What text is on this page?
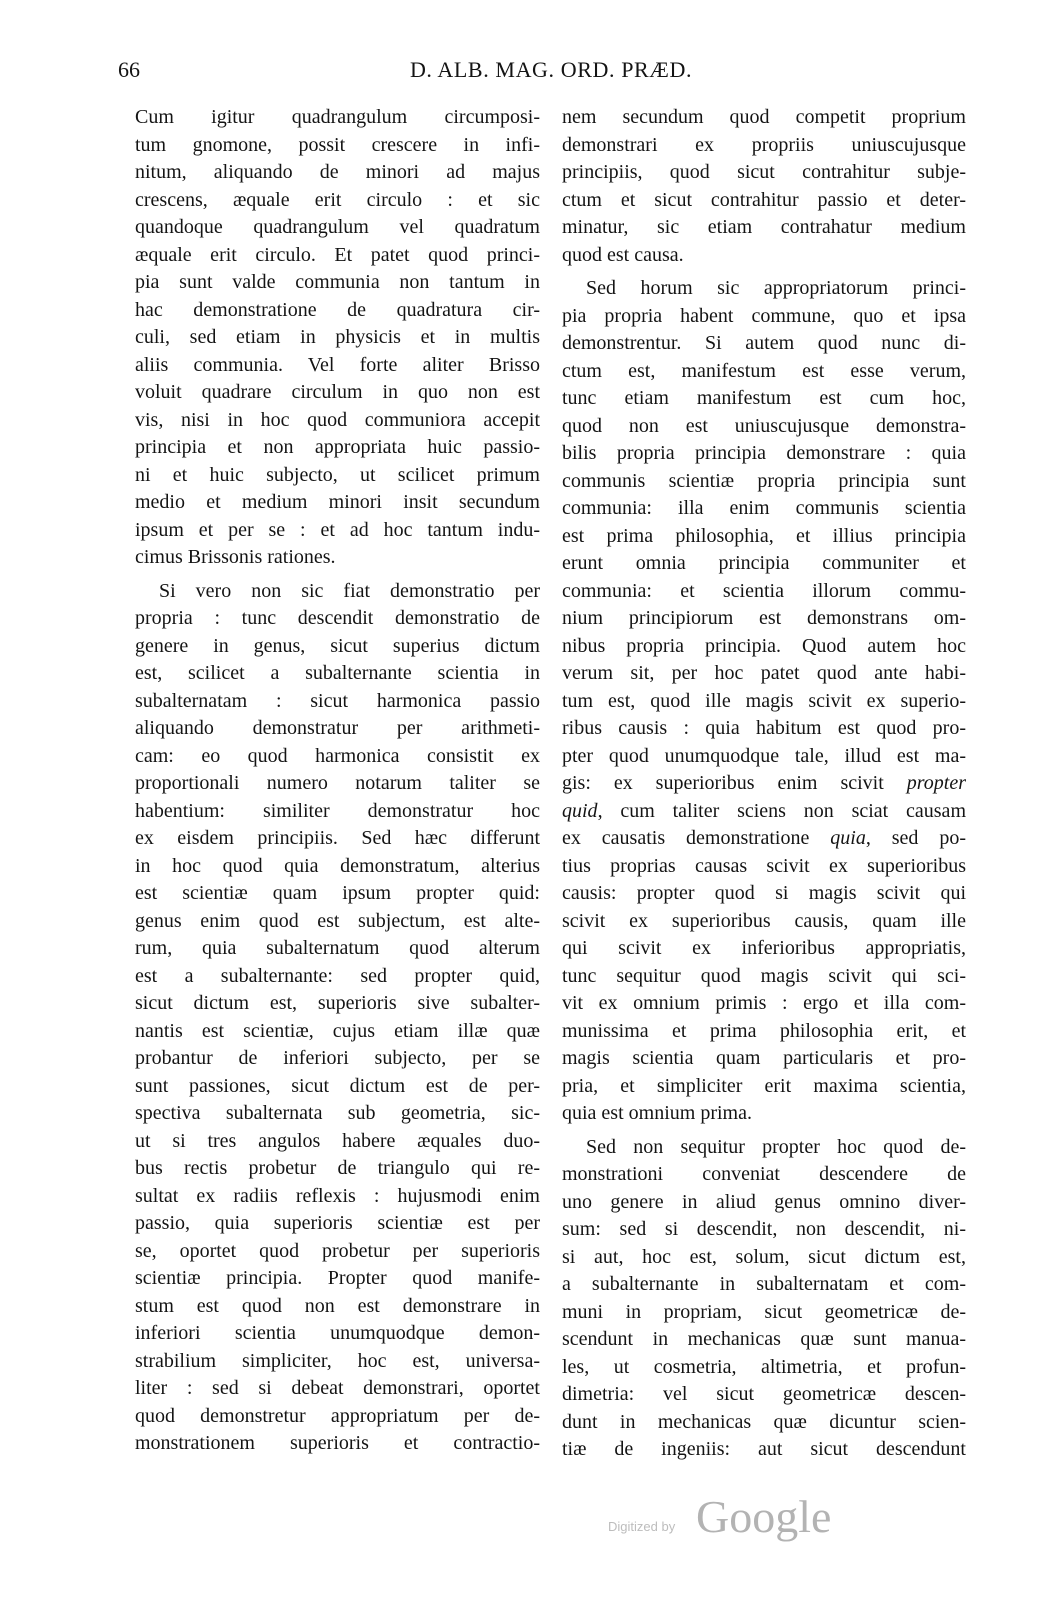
66	D. ALB. MAG. ORD. PRÆD.
Cum igitur quadrangulum circumposi-
tum gnomone, possit crescere in infi-
nitum, aliquando de minori ad majus
crescens, æquale erit circulo : et sic
quandoque quadrangulum vel quadratum
æquale erit circulo. Et patet quod princi-
pia sunt valde communia non tantum in
hac demonstratione de quadratura cir-
culi, sed etiam in physicis et in multis
aliis communia. Vel forte aliter Brisso
voluit quadrare circulum in quo non est
vis, nisi in hoc quod communiora accepit
principia et non appropriata huic passio-
ni et huic subjecto, ut scilicet primum
medio et medium minori insit secundum
ipsum et per se : et ad hoc tantum indu-
cimus Brissonis rationes.
Si vero non sic fiat demonstratio per
propria : tunc descendit demonstratio de
genere in genus, sicut superius dictum
est, scilicet a subalternante scientia in
subalternatam : sicut harmonica passio
aliquando demonstratur per arithmeti-
cam: eo quod harmonica consistit ex
proportionali numero notarum taliter se
habentium: similiter demonstratur hoc
ex eisdem principiis. Sed hæc differunt
in hoc quod quia demonstratum, alterius
est scientiæ quam ipsum propter quid:
genus enim quod est subjectum, est alte-
rum, quia subalternatum quod alterum
est a subalternante: sed propter quid,
sicut dictum est, superioris sive subalter-
nantis est scientiæ, cujus etiam illæ quæ
probantur de inferiori subjecto, per se
sunt passiones, sicut dictum est de per-
spectiva subalternata sub geometria, sic-
ut si tres angulos habere æquales duo-
bus rectis probetur de triangulo qui re-
sultat ex radiis reflexis : hujusmodi enim
passio, quia superioris scientiæ est per
se, oportet quod probetur per superioris
scientiæ principia. Propter quod manife-
stum est quod non est demonstrare in
inferiori scientia unumquodque demon-
strabilium simpliciter, hoc est, universa-
liter : sed si debeat demonstrari, oportet
quod demonstretur appropriatum per de-
monstrationem superioris et contractio-
nem secundum quod competit proprium
demonstrari ex propriis uniuscujusque
principiis, quod sicut contrahitur subje-
ctum et sicut contrahitur passio et deter-
minatur, sic etiam contrahatur medium
quod est causa.
Sed horum sic appropriatorum princi-
pia propria habent commune, quo et ipsa
demonstrentur. Si autem quod nunc di-
ctum est, manifestum est esse verum,
tunc etiam manifestum est cum hoc,
quod non est uniuscujusque demonstra-
bilis propria principia demonstrare : quia
communis scientiæ propria principia sunt
communia: illa enim communis scientia
est prima philosophia, et illius principia
erunt omnia principia communiter et
communia: et scientia illorum commu-
nium principiorum est demonstrans om-
nibus propria principia. Quod autem hoc
verum sit, per hoc patet quod ante habi-
tum est, quod ille magis scivit ex superio-
ribus causis : quia habitum est quod pro-
pter quod unumquodque tale, illud est ma-
gis: ex superioribus enim scivit propter
quid, cum taliter sciens non sciat causam
ex causatis demonstratione quia, sed po-
tius proprias causas scivit ex superioribus
causis: propter quod si magis scivit qui
scivit ex superioribus causis, quam ille
qui scivit ex inferioribus appropriatis,
tunc sequitur quod magis scivit qui sci-
vit ex omnium primis : ergo et illa com-
munissima et prima philosophia erit, et
magis scientia quam particularis et pro-
pria, et simpliciter erit maxima scientia,
quia est omnium prima.
Sed non sequitur propter hoc quod de-
monstrationi conveniat descendere de
uno genere in aliud genus omnino diver-
sum: sed si descendit, non descendit, ni-
si aut, hoc est, solum, sicut dictum est,
a subalternante in subalternatam et com-
muni in propriam, sicut geometricæ de-
scendunt in mechanicas quæ sunt manua-
les, ut cosmetria, altimetria, et profun-
dimetria: vel sicut geometricæ descen-
dunt in mechanicas quæ dicuntur scien-
tiæ de ingeniis: aut sicut descendunt
Digitized by Google
